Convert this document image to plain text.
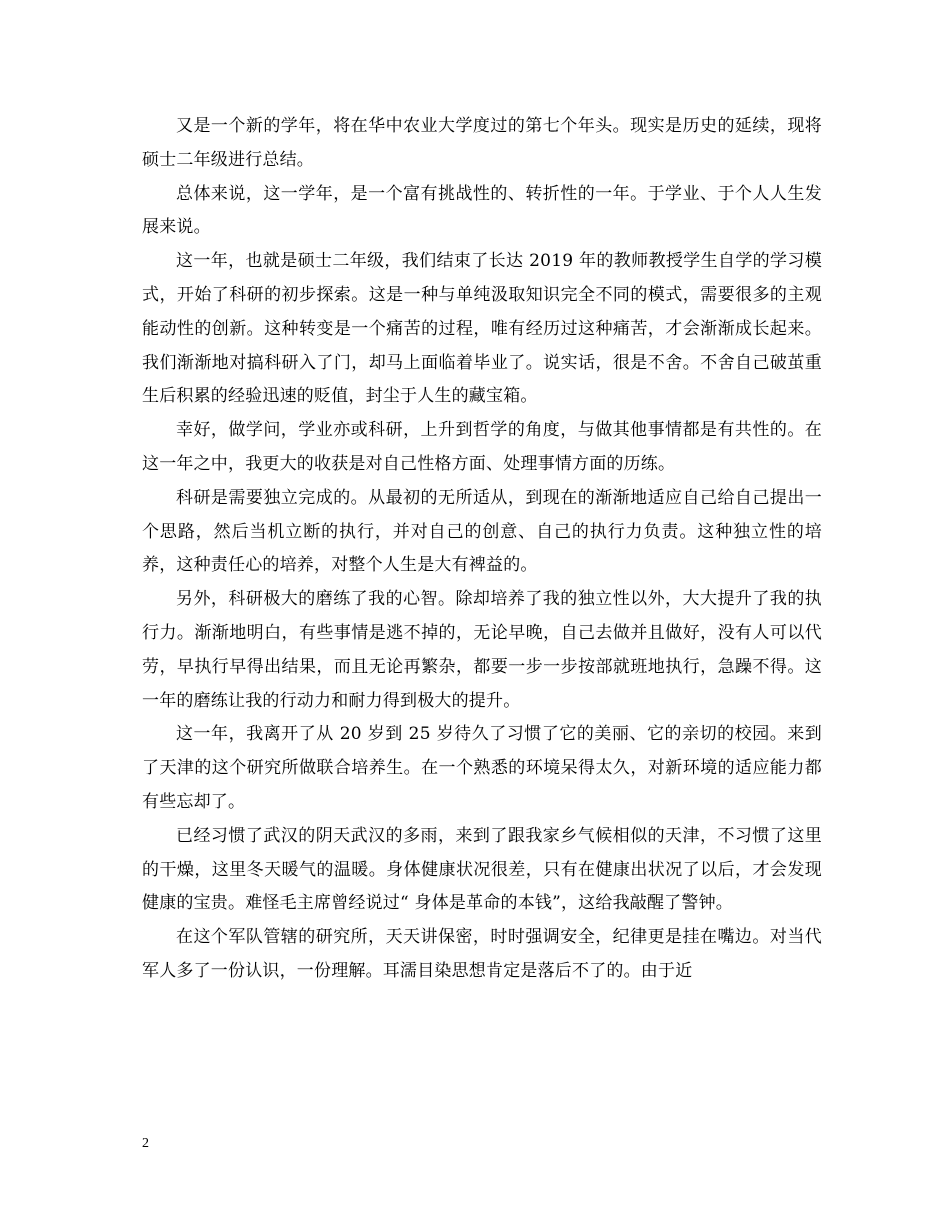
又是一个新的学年，将在华中农业大学度过的第七个年头。现实是历史的延续，现将硕士二年级进行总结。

总体来说，这一学年，是一个富有挑战性的、转折性的一年。于学业、于个人人生发展来说。

这一年，也就是硕士二年级，我们结束了长达 2019 年的教师教授学生自学的学习模式，开始了科研的初步探索。这是一种与单纯汲取知识完全不同的模式，需要很多的主观能动性的创新。这种转变是一个痛苦的过程，唯有经历过这种痛苦，才会渐渐成长起来。我们渐渐地对搞科研入了门，却马上面临着毕业了。说实话，很是不舍。不舍自己破茧重生后积累的经验迅速的贬值，封尘于人生的藏宝箱。

幸好，做学问，学业亦或科研，上升到哲学的角度，与做其他事情都是有共性的。在这一年之中，我更大的收获是对自己性格方面、处理事情方面的历练。

科研是需要独立完成的。从最初的无所适从，到现在的渐渐地适应自己给自己提出一个思路，然后当机立断的执行，并对自己的创意、自己的执行力负责。这种独立性的培养，这种责任心的培养，对整个人生是大有裨益的。

另外，科研极大的磨练了我的心智。除却培养了我的独立性以外，大大提升了我的执行力。渐渐地明白，有些事情是逃不掉的，无论早晚，自己去做并且做好，没有人可以代劳，早执行早得出结果，而且无论再繁杂，都要一步一步按部就班地执行，急躁不得。这一年的磨练让我的行动力和耐力得到极大的提升。

这一年，我离开了从 20 岁到 25 岁待久了习惯了它的美丽、它的亲切的校园。来到了天津的这个研究所做联合培养生。在一个熟悉的环境呆得太久，对新环境的适应能力都有些忘却了。

已经习惯了武汉的阴天武汉的多雨，来到了跟我家乡气候相似的天津，不习惯了这里的干燥，这里冬天暖气的温暖。身体健康状况很差，只有在健康出状况了以后，才会发现健康的宝贵。难怪毛主席曾经说过“ 身体是革命的本钱”，这给我敲醒了警钟。

在这个军队管辖的研究所，天天讲保密，时时强调安全，纪律更是挂在嘴边。对当代军人多了一份认识，一份理解。耳濡目染思想肯定是落后不了的。由于近

2
